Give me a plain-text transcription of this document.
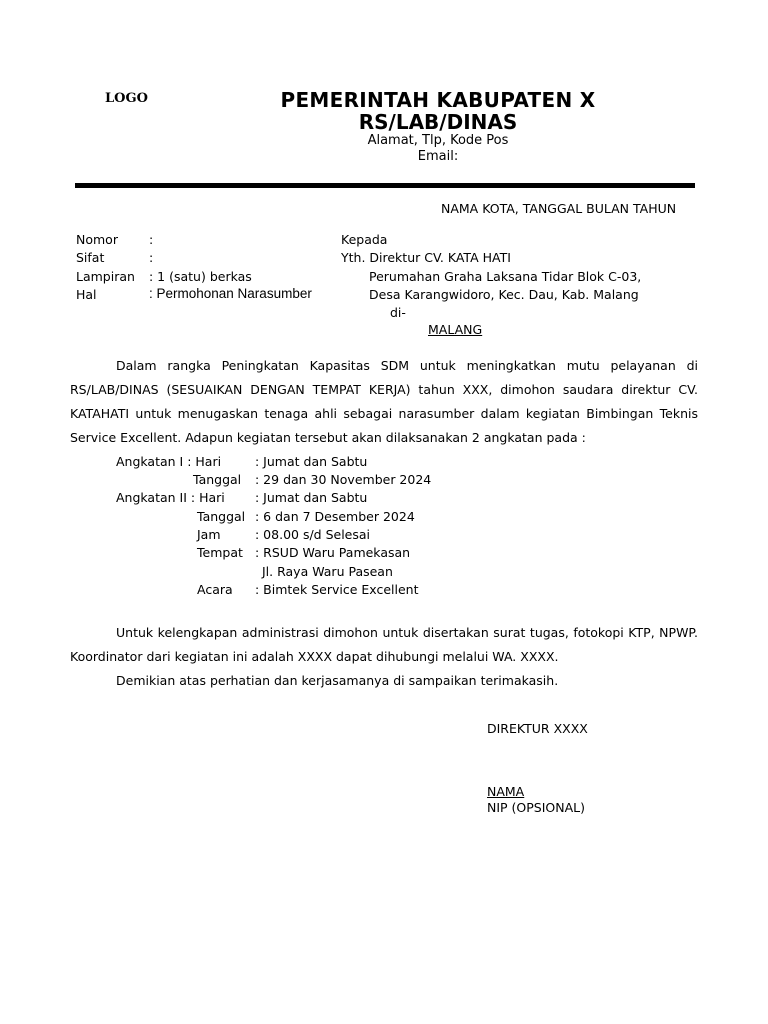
LOGO	PEMERINTAH KABUPATEN X
RS/LAB/DINAS
Alamat, Tlp, Kode Pos
Email:
NAMA KOTA, TANGGAL BULAN TAHUN
Nomor :
Sifat	:
Lampiran : 1 (satu) berkas
Hal	: Permohonan Narasumber
Kepada
Yth. Direktur CV. KATA HATI
Perumahan Graha Laksana Tidar Blok C-03,
Desa Karangwidoro, Kec. Dau, Kab. Malang
di-
MALANG
Dalam rangka Peningkatan Kapasitas SDM untuk meningkatkan mutu pelayanan di RS/LAB/DINAS (SESUAIKAN DENGAN TEMPAT KERJA) tahun XXX, dimohon saudara direktur CV. KATAHATI untuk menugaskan tenaga ahli sebagai narasumber dalam kegiatan Bimbingan Teknis Service Excellent. Adapun kegiatan tersebut akan dilaksanakan 2 angkatan pada :
Angkatan I : Hari	: Jumat dan Sabtu
Tanggal : 29 dan 30 November 2024
Angkatan II : Hari : Jumat dan Sabtu
Tanggal : 6 dan 7 Desember 2024
Jam	: 08.00 s/d Selesai
Tempat : RSUD Waru Pamekasan
Jl. Raya Waru Pasean
Acara : Bimtek Service Excellent
Untuk kelengkapan administrasi dimohon untuk disertakan surat tugas, fotokopi KTP, NPWP. Koordinator dari kegiatan ini adalah XXXX dapat dihubungi melalui WA. XXXX.
Demikian atas perhatian dan kerjasamanya di sampaikan terimakasih.
DIREKTUR XXXX
NAMA
NIP (OPSIONAL)
